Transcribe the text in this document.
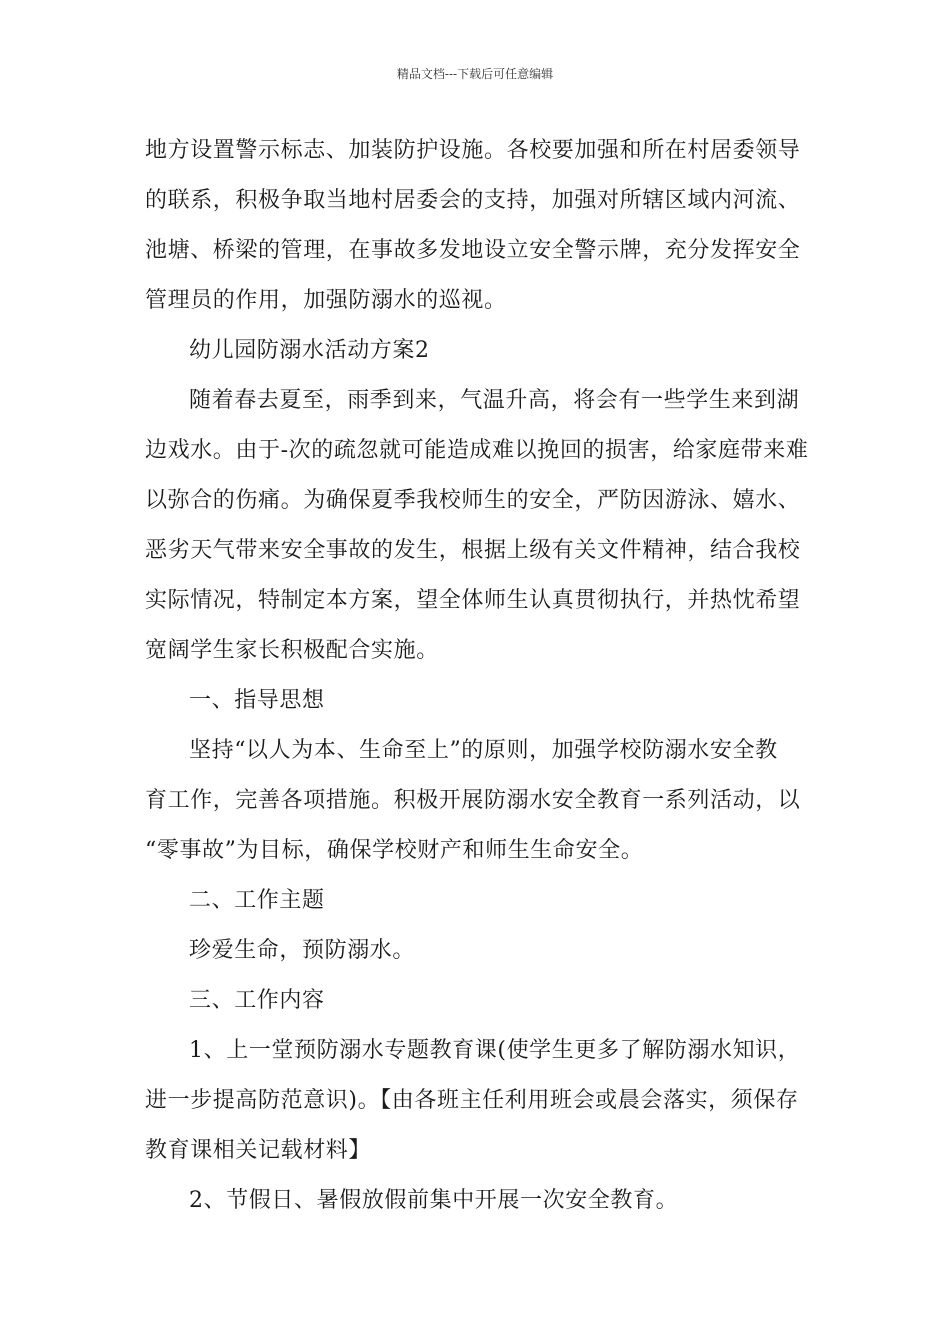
精品文档---下载后可任意编辑

地方设置警示标志、加装防护设施。各校要加强和所在村居委领导
的联系，积极争取当地村居委会的支持，加强对所辖区域内河流、
池塘、桥梁的管理，在事故多发地设立安全警示牌，充分发挥安全
管理员的作用，加强防溺水的巡视。

幼儿园防溺水活动方案2

随着春去夏至，雨季到来，气温升高，将会有一些学生来到湖
边戏水。由于-次的疏忽就可能造成难以挽回的损害，给家庭带来难
以弥合的伤痛。为确保夏季我校师生的安全，严防因游泳、嬉水、
恶劣天气带来安全事故的发生，根据上级有关文件精神，结合我校
实际情况，特制定本方案，望全体师生认真贯彻执行，并热忱希望
宽阔学生家长积极配合实施。

一、指导思想

坚持“以人为本、生命至上”的原则，加强学校防溺水安全教
育工作，完善各项措施。积极开展防溺水安全教育一系列活动，以
“零事故”为目标，确保学校财产和师生生命安全。

二、工作主题

珍爱生命，预防溺水。

三、工作内容

1、上一堂预防溺水专题教育课(使学生更多了解防溺水知识，
进一步提高防范意识)。【由各班主任利用班会或晨会落实，须保存
教育课相关记载材料】

2、节假日、暑假放假前集中开展一次安全教育。
